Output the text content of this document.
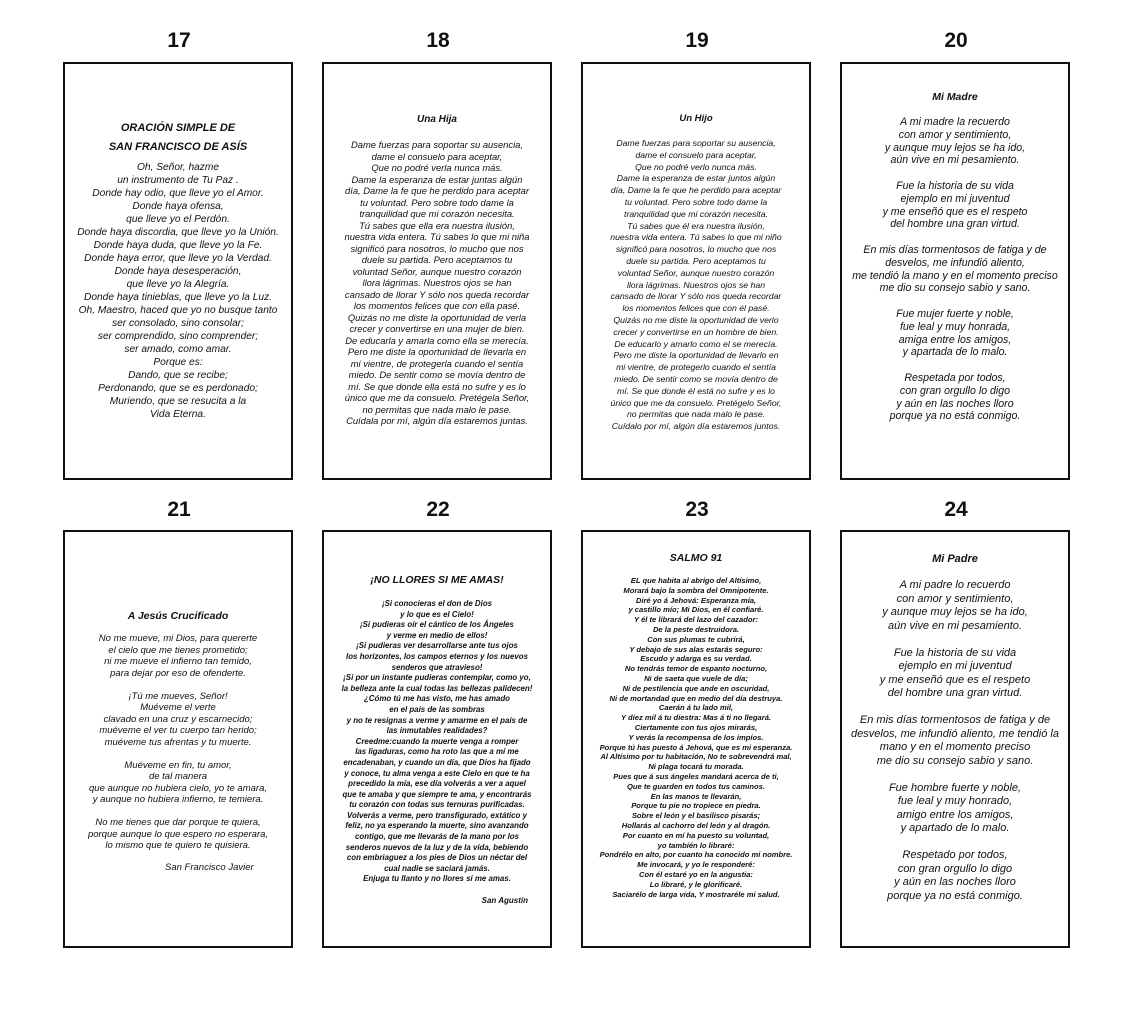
17
ORACIÓN SIMPLE DE
SAN FRANCISCO DE ASÍS
Oh, Señor, hazme
un instrumento de Tu Paz .
Donde hay odio, que lleve yo el Amor.
Donde haya ofensa,
que lleve yo el Perdón.
Donde haya discordia, que lleve yo la Unión.
Donde haya duda, que lleve yo la Fe.
Donde haya error, que lleve yo la Verdad.
Donde haya desesperación,
que lleve yo la Alegría.
Donde haya tinieblas, que lleve yo la Luz.
Oh, Maestro, haced que yo no busque tanto
ser consolado, sino consolar;
ser comprendido, sino comprender;
ser amado, como amar.
Porque es:
Dando, que se recibe;
Perdonando, que se es perdonado;
Muriendo, que se resucita a la
Vida Eterna.
18
Una Hija
Dame fuerzas para soportar su ausencia,
dame el consuelo para aceptar,
Que no podré verla nunca más.
Dame la esperanza de estar juntas algún
día, Dame la fe que he perdido para aceptar
tu voluntad. Pero sobre todo dame la
tranquilidad que mi corazón necesita.
Tú sabes que ella era nuestra ilusión,
nuestra vida entera. Tú sabes lo que mi niña
significó para nosotros, lo mucho que nos
duele su partida. Pero aceptamos tu
voluntad Señor, aunque nuestro corazón
llora lágrimas. Nuestros ojos se han
cansado de llorar Y sólo nos queda recordar
los momentos felices que con ella pasé.
Quizás no me diste la oportunidad de verla
crecer y convertirse en una mujer de bien.
De educarla y amarla como ella se merecía.
Pero me diste la oportunidad de llevarla en
mi vientre, de protegerla cuando el sentía
miedo. De sentir como se movía dentro de
mí. Se que donde ella está no sufre y es lo
único que me da consuelo. Pretégela Señor,
no permitas que nada malo le pase.
Cuídala por mí, algún día estaremos juntas.
19
Un Hijo
Dame fuerzas para soportar su ausencia,
dame el consuelo para aceptar,
Que no podré verlo nunca más.
Dame la esperanza de estar juntos algún
día, Dame la fe que he perdido para aceptar
tu voluntad. Pero sobre todo dame la
tranquilidad que mi corazón necesita.
Tú sabes que él era nuestra ilusión,
nuestra vida entera. Tú sabes lo que mi niño
significó para nosotros, lo mucho que nos
duele su partida. Pero aceptamos tu
voluntad Señor, aunque nuestro corazón
llora lágrimas. Nuestros ojos se han
cansado de llorar Y sólo nos queda recordar
los momentos felices que con él pasé.
Quizás no me diste la oportunidad de verlo
crecer y convertirse en un hombre de bien.
De educarlo y amarlo como el se merecía.
Pero me diste la oportunidad de llevarlo en
mi vientre, de protegerlo cuando el sentía
miedo. De sentir como se movía dentro de
mí. Se que donde él está no sufre y es lo
único que me da consuelo. Pretégelo Señor,
no permitas que nada malo le pase.
Cuídalo por mí, algún día estaremos juntos.
20
Mi Madre
A mi madre la recuerdo
con amor y sentimiento,
y aunque muy lejos se ha ido,
aún vive en mi pesamiento.

Fue la historia de su vida
ejemplo en mi juventud
y me enseñó que es el respeto
del hombre una gran virtud.

En mis días tormentosos de fatiga y de
desvelos, me infundió aliento,
me tendió la mano y en el momento preciso
me dio su consejo sabio y sano.

Fue mujer fuerte y noble,
fue leal y muy honrada,
amiga entre los amigos,
y apartada de lo malo.

Respetada por todos,
con gran orgullo lo digo
y aún en las noches lloro
porque ya no está conmigo.
21
A Jesús Crucificado
No me mueve, mi Dios, para quererte
el cielo que me tienes prometido;
ni me mueve el infierno tan temido,
para dejar por eso de ofenderte.

¡Tú me mueves, Señor!
Muéveme el verte
clavado en una cruz y escarnecido;
muéveme el ver tu cuerpo tan herido;
muéveme tus afrentas y tu muerte.

Muéveme en fin, tu amor,
de tal manera
que aunque no hubiera cielo, yo te amara,
y aunque no hubiera infierno, te temiera.

No me tienes que dar porque te quiera,
porque aunque lo que espero no esperara,
lo mismo que te quiero te quisiera.
San Francisco Javier
22
¡NO LLORES SI ME AMAS!
¡Si conocieras el don de Dios
y lo que es el Cielo!
¡Si pudieras oír el cántico de los Ángeles
y verme en medio de ellos!
¡Si pudieras ver desarrollarse ante tus ojos
los horizontes, los campos eternos y los nuevos
senderos que atravieso!
¡Si por un instante pudieras contemplar, como yo,
la belleza ante la cual todas las bellezas palidecen!
¿Cómo tú me has visto, me has amado
en el país de las sombras
y no te resignas a verme y amarme en el país de
las inmutables realidades?
Creedme:cuando la muerte venga a romper
las ligaduras, como ha roto las que a mí me
encadenaban, y cuando un día, que Dios ha fijado
y conoce, tu alma venga a este Cielo en que te ha
precedido la mía, ese día volverás a ver a aquel
que te amaba y que siempre te ama, y encontrarás
tu corazón con todas sus ternuras purificadas.
Volverás a verme, pero transfigurado, extático y
feliz, no ya esperando la muerte, sino avanzando
contigo, que me llevarás de la mano por los
senderos nuevos de la luz y de la vida, bebiendo
con embriaguez a los pies de Dios un néctar del
cual nadie se saciará jamás.
Enjuga tu llanto y no llores si me amas.
San Agustín
23
SALMO 91
EL que habita al abrigo del Altísimo,
Morará bajo la sombra del Omnipotente.
Diré yo á Jehová: Esperanza mía,
y castillo mío; Mi Dios, en él confiaré.
Y él te librará del lazo del cazador:
De la peste destruidora.
Con sus plumas te cubrirá,
Y debajo de sus alas estarás seguro:
Escudo y adarga es su verdad.
No tendrás temor de espanto nocturno,
Ni de saeta que vuele de día;
Ni de pestilencia que ande en oscuridad,
Ni de mortandad que en medio del día destruya.
Caerán á tu lado mil,
Y diez mil á tu diestra: Mas á ti no llegará.
Ciertamente con tus ojos mirarás,
Y verás la recompensa de los impíos.
Porque tú has puesto á Jehová, que es mi esperanza.
Al Altísimo por tu habitación, No te sobrevendrá mal,
Ni plaga tocará tu morada.
Pues que á sus ángeles mandará acerca de ti,
Que te guarden en todos tus caminos.
En las manos te llevarán,
Porque tu pie no tropiece en piedra.
Sobre el león y el basilisco pisarás;
Hollarás al cachorro del león y al dragón.
Por cuanto en mí ha puesto su voluntad,
yo también lo libraré:
Pondrélo en alto, por cuanto ha conocido mi nombre.
Me invocará, y yo le responderé:
Con él estaré yo en la angustia:
Lo libraré, y le glorificaré.
Saciarélo de larga vida, Y mostraréle mi salud.
24
Mi Padre
A mi padre lo recuerdo
con amor y sentimiento,
y aunque muy lejos se ha ido,
aún vive en mi pesamiento.

Fue la historia de su vida
ejemplo en mi juventud
y me enseñó que es el respeto
del hombre una gran virtud.

En mis días tormentosos de fatiga y de
desvelos, me infundió aliento, me tendió la
mano y en el momento preciso
me dio su consejo sabio y sano.

Fue hombre fuerte y noble,
fue leal y muy honrado,
amigo entre los amigos,
y apartado de lo malo.

Respetado por todos,
con gran orgullo lo digo
y aún en las noches lloro
porque ya no está conmigo.
